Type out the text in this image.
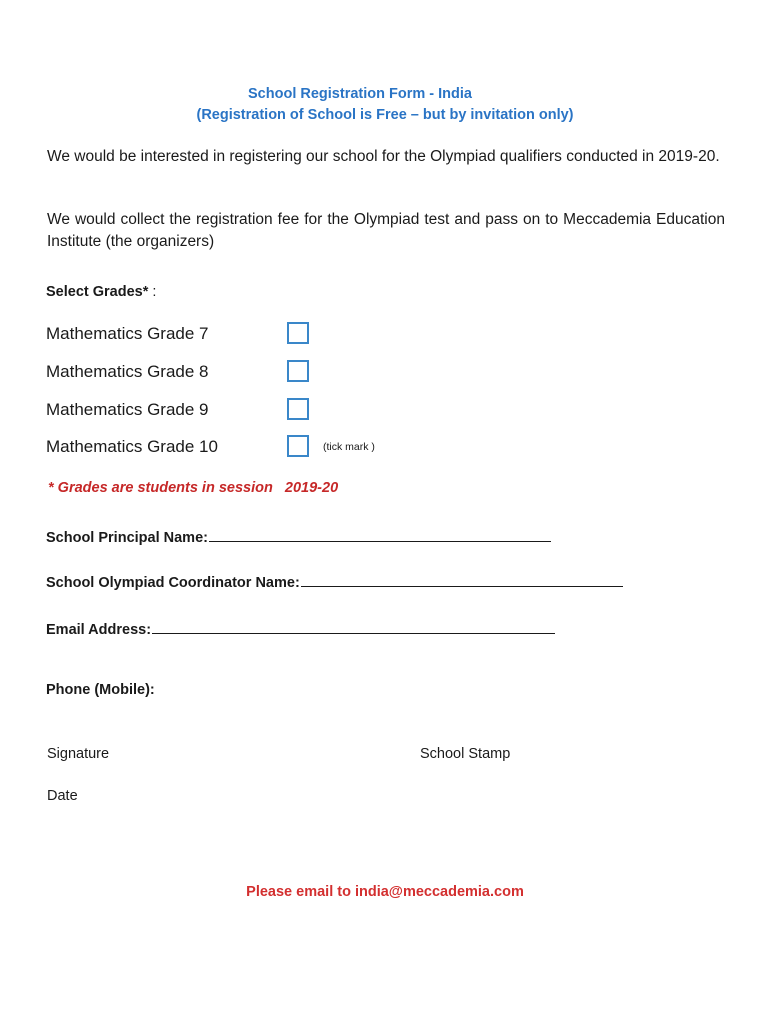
School Registration Form - India
(Registration of School is Free – but by invitation only)
We would be interested in registering our school for the Olympiad qualifiers conducted in 2019-20.
We would collect the registration fee for the Olympiad test and pass on to Meccademia Education Institute (the organizers)
Select Grades* :
Mathematics Grade 7
Mathematics Grade 8
Mathematics Grade 9
Mathematics Grade 10	(tick mark )
* Grades are students in session   2019-20
School Principal Name:
School Olympiad Coordinator Name:
Email Address:
Phone (Mobile):
Signature	School Stamp
Date
Please email to india@meccademia.com
